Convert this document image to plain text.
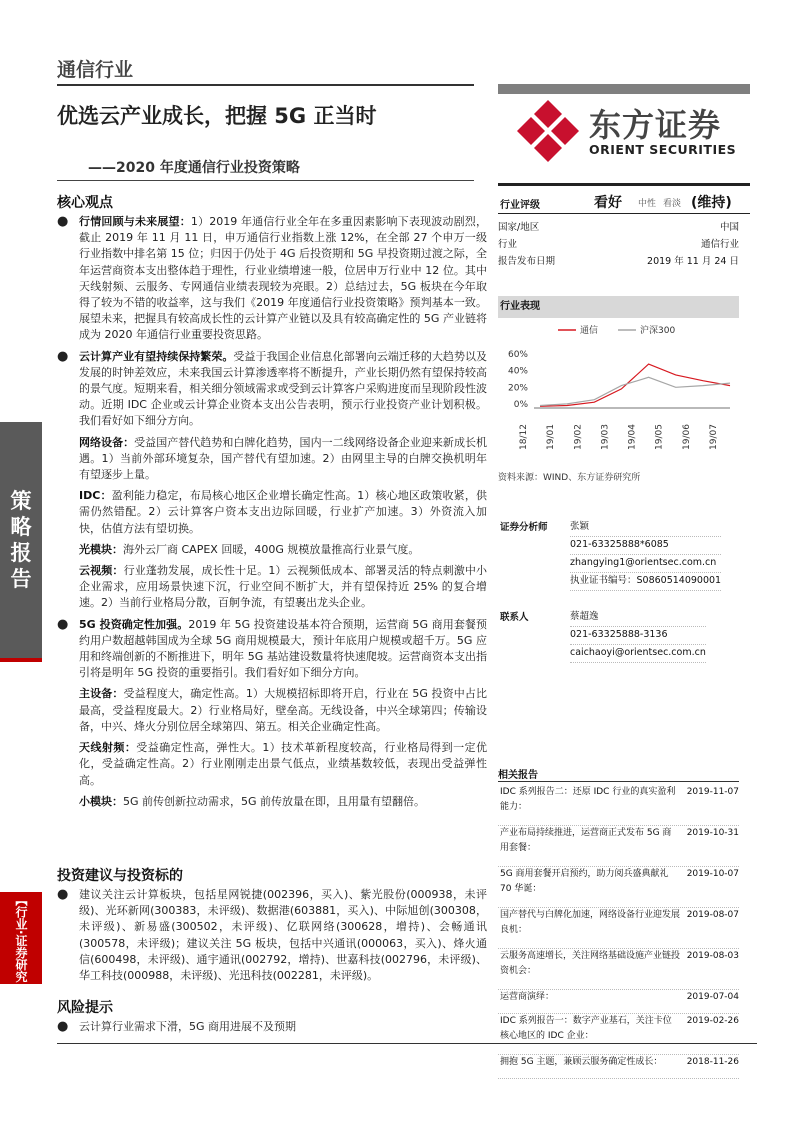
策
略
报
告
【行业·证券研究
通信行业
优选云产业成长，把握 5G 正当时
——2020 年度通信行业投资策略
东方证券
ORIENT SECURITIES
核心观点

● 行情回顾与未来展望：1）2019 年通信行业全年在多重因素影响下表现波动剧烈，截止 2019 年 11 月 11 日，申万通信行业指数上涨 12%，在全部 27 个申万一级行业指数中排名第 15 位；归因于仍处于 4G 后投资期和 5G 早投资期过渡之际，全年运营商资本支出整体趋于理性，行业业绩增速一般，位居申万行业中 12 位。其中天线射频、云服务、专网通信业绩表现较为亮眼。2）总结过去，5G 板块在今年取得了较为不错的收益率，这与我们《2019 年度通信行业投资策略》预判基本一致。展望未来，把握具有较高成长性的云计算产业链以及具有较高确定性的 5G 产业链将成为 2020 年通信行业重要投资思路。

● 云计算产业有望持续保持繁荣。受益于我国企业信息化部署向云端迁移的大趋势以及发展的时钟差效应，未来我国云计算渗透率将不断提升，产业长期仍然有望保持较高的景气度。短期来看，相关细分领域需求或受到云计算客户采购进度而呈现阶段性波动。近期 IDC 企业或云计算企业资本支出公告表明，预示行业投资产业计划积极。我们看好如下细分方向。

网络设备：受益国产替代趋势和白牌化趋势，国内一二线网络设备企业迎来新成长机遇。1）当前外部环境复杂，国产替代有望加速。2）由网里主导的白牌交换机明年有望逐步上量。

IDC：盈利能力稳定，布局核心地区企业增长确定性高。1）核心地区政策收紧，供需仍然错配。2）云计算客户资本支出边际回暖，行业扩产加速。3）外资流入加快，估值方法有望切换。

光模块：海外云厂商 CAPEX 回暖，400G 规模放量推高行业景气度。

云视频：行业蓬勃发展，成长性十足。1）云视频低成本、部署灵活的特点刺激中小企业需求，应用场景快速下沉，行业空间不断扩大，并有望保持近 25% 的复合增速。2）当前行业格局分散，百舸争流，有望裹出龙头企业。

● 5G 投资确定性加强。2019 年 5G 投资建设基本符合预期，运营商 5G 商用套餐预约用户数超越韩国成为全球 5G 商用规模最大，预计年底用户规模或超千万。5G 应用和终端创新的不断推进下，明年 5G 基站建设数量将快速爬坡。运营商资本支出指引将是明年 5G 投资的重要指引。我们看好如下细分方向。

主设备：受益程度大，确定性高。1）大规模招标即将开启，行业在 5G 投资中占比最高，受益程度最大。2）行业格局好，壁垒高。无线设备，中兴全球第四；传输设备，中兴、烽火分别位居全球第四、第五。相关企业确定性高。

天线射频：受益确定性高，弹性大。1）技术革新程度较高，行业格局得到一定优化，受益确定性高。2）行业刚刚走出景气低点，业绩基数较低，表现出受益弹性高。

小模块：5G 前传创新拉动需求，5G 前传放量在即，且用量有望翻倍。

投资建议与投资标的

● 建议关注云计算板块，包括星网锐捷(002396，买入)、紫光股份(000938，未评级)、光环新网(300383，未评级)、数据港(603881，买入)、中际旭创(300308，未评级)、新易盛(300502，未评级)、亿联网络(300628，增持)、会畅通讯(300578，未评级)；建议关注 5G 板块，包括中兴通讯(000063，买入)、烽火通信(600498，未评级)、通宇通讯(002792，增持)、世嘉科技(002796，未评级)、华工科技(000988，未评级)、光迅科技(002281，未评级)。

风险提示

● 云计算行业需求下滑，5G 商用进展不及预期

行业评级	看好 中性 看淡 (维持)
国家/地区	中国
行业	通信行业
报告发布日期	2019 年 11 月 24 日
行业表现
通信	沪深300
60%
40%
20%
0%
18/12 19/01 19/02 19/03 19/04 19/05 19/06 19/07
资料来源：WIND、东方证券研究所
证券分析师 张颖
021-63325888*6085
zhangying1@orientsec.com.cn
执业证书编号：S0860514090001
联系人	蔡超逸
021-63325888-3136
caichaoyi@orientsec.com.cn
相关报告
IDC 系列报告二：还原 IDC 行业的真实盈利能力：
2019-11-07
产业布局持续推进，运营商正式发布 5G 商用套餐：
2019-10-31
5G 商用套餐开启预约，助力阅兵盛典献礼 70 华诞：
2019-10-07
国产替代与白牌化加速，网络设备行业迎发展良机：
2019-08-07
云服务高速增长，关注网络基础设施产业链投资机会：
2019-08-03
运营商演绎：	2019-07-04
IDC 系列报告一：数字产业基石，关注卡位核心地区的 IDC 企业：
2019-02-26
拥抱 5G 主题，兼顾云服务确定性成长：	2018-11-26
